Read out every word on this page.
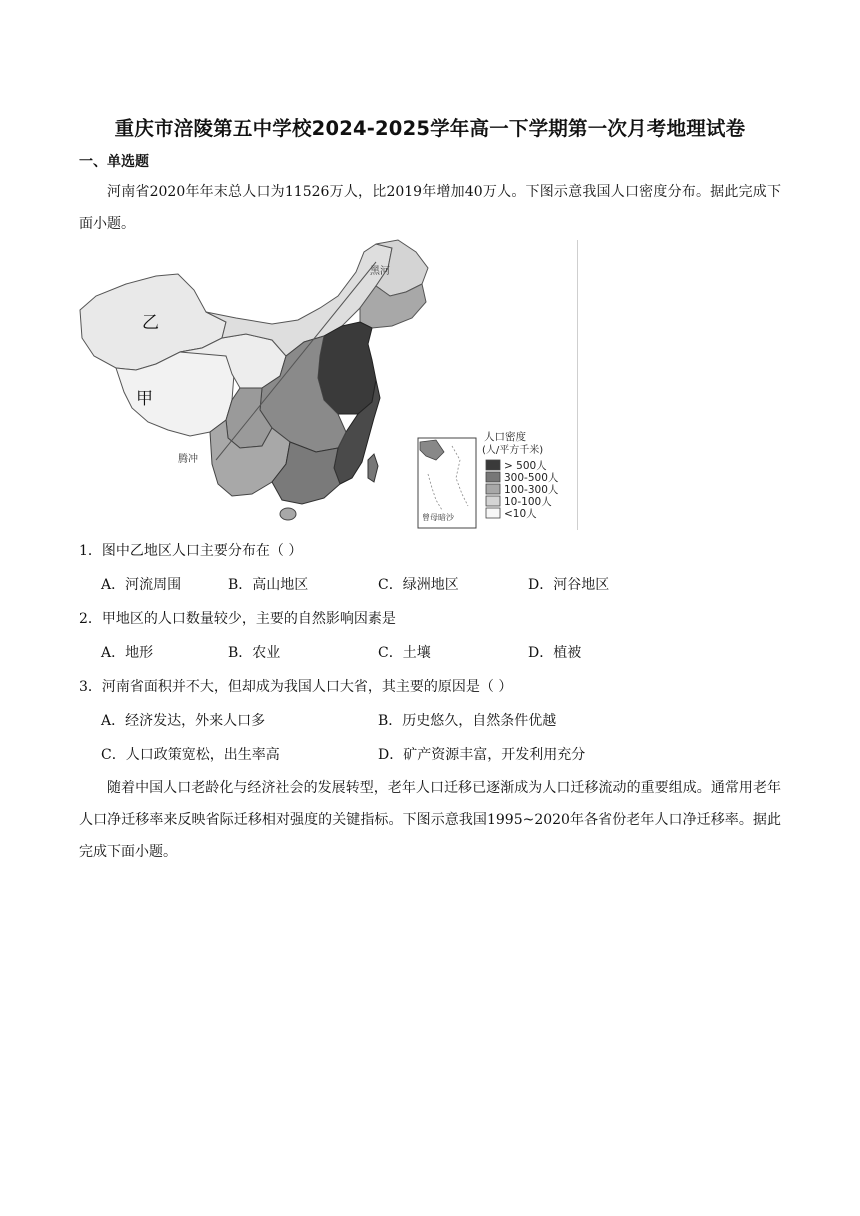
重庆市涪陵第五中学校2024-2025学年高一下学期第一次月考地理试卷
一、单选题

河南省2020年年末总人口为11526万人，比2019年增加40万人。下图示意我国人口密度分布。据此完成下面小题。

乙
甲
黑河
腾冲
曾母暗沙
人口密度
(人/平方千米)
> 500人
300-500人
100-300人
10-100人
<10人
1．图中乙地区人口主要分布在（ ）
A．河流周围	B．高山地区	C．绿洲地区	D．河谷地区
2．甲地区的人口数量较少，主要的自然影响因素是
A．地形	B．农业	C．土壤	D．植被
3．河南省面积并不大，但却成为我国人口大省，其主要的原因是（ ）
A．经济发达，外来人口多	B．历史悠久，自然条件优越
C．人口政策宽松，出生率高	D．矿产资源丰富，开发利用充分

随着中国人口老龄化与经济社会的发展转型，老年人口迁移已逐渐成为人口迁移流动的重要组成。通常用老年人口净迁移率来反映省际迁移相对强度的关键指标。下图示意我国1995~2020年各省份老年人口净迁移率。据此完成下面小题。
